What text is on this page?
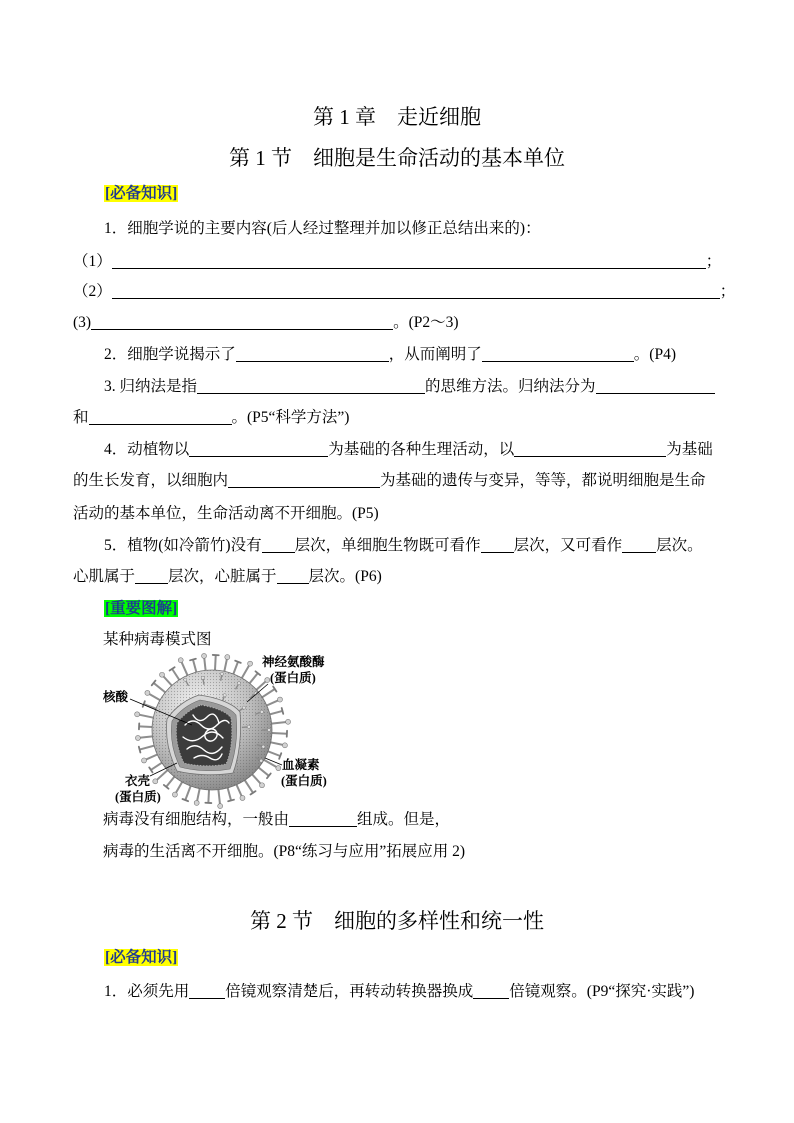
第 1 章　走近细胞
第 1 节　细胞是生命活动的基本单位
[必备知识]
1．细胞学说的主要内容(后人经过整理并加以修正总结出来的)：
（1）	；
（2）	；
(3)	。(P2～3)
2．细胞学说揭示了	，从而阐明了	。(P4)
3. 归纳法是指	的思维方法。归纳法分为
和	。(P5“科学方法”)
4．动植物以	为基础的各种生理活动，以	为基础
的生长发育，以细胞内	为基础的遗传与变异，等等，都说明细胞是生命
活动的基本单位，生命活动离不开细胞。(P5)
5．植物(如冷箭竹)没有 层次，单细胞生物既可看作 层次，又可看作 层次。
心肌属于 层次，心脏属于 层次。(P6)
[重要图解]
某种病毒模式图
神经氨酸酶
(蛋白质)
核酸
血凝素
(蛋白质)
衣壳
(蛋白质)
病毒没有细胞结构，一般由	组成。但是，
病毒的生活离不开细胞。(P8“练习与应用”拓展应用 2)
第 2 节　细胞的多样性和统一性
[必备知识]
1．必须先用 倍镜观察清楚后，再转动转换器换成 倍镜观察。(P9“探究·实践”)
